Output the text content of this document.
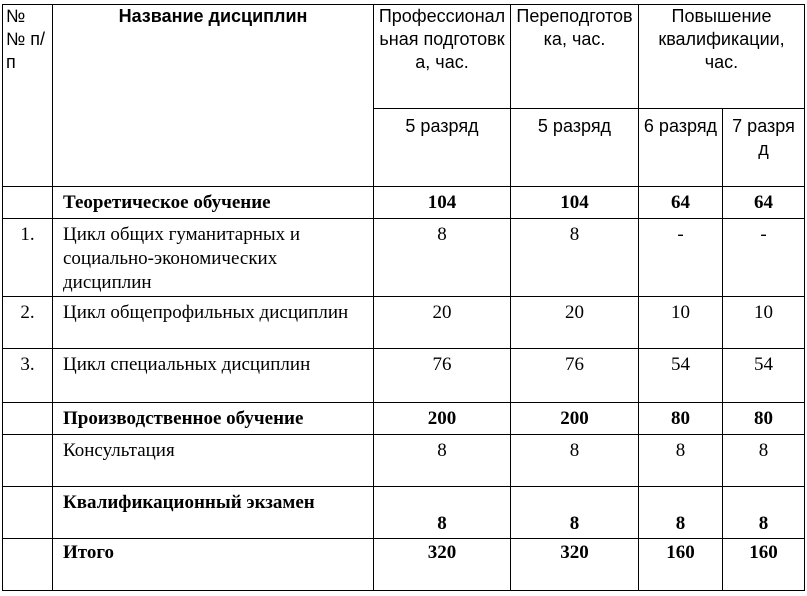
№ № п/п	Название дисциплин	Профессиональная подготовка, час.	Переподготовка, час.	Повышение квалификации, час.	
		5 разряд	5 разряд	6 разряд	7 разряд
	Теоретическое обучение	104	104	64	64
1.	Цикл общих гуманитарных и социально-экономических дисциплин	8	8	-	-
2.	Цикл общепрофильных дисциплин	20	20	10	10
3.	Цикл специальных дисциплин	76	76	54	54
	Производственное обучение	200	200	80	80
	Консультация	8	8	8	8
	Квалификационный экзамен	8	8	8	8
	Итого	320	320	160	160
